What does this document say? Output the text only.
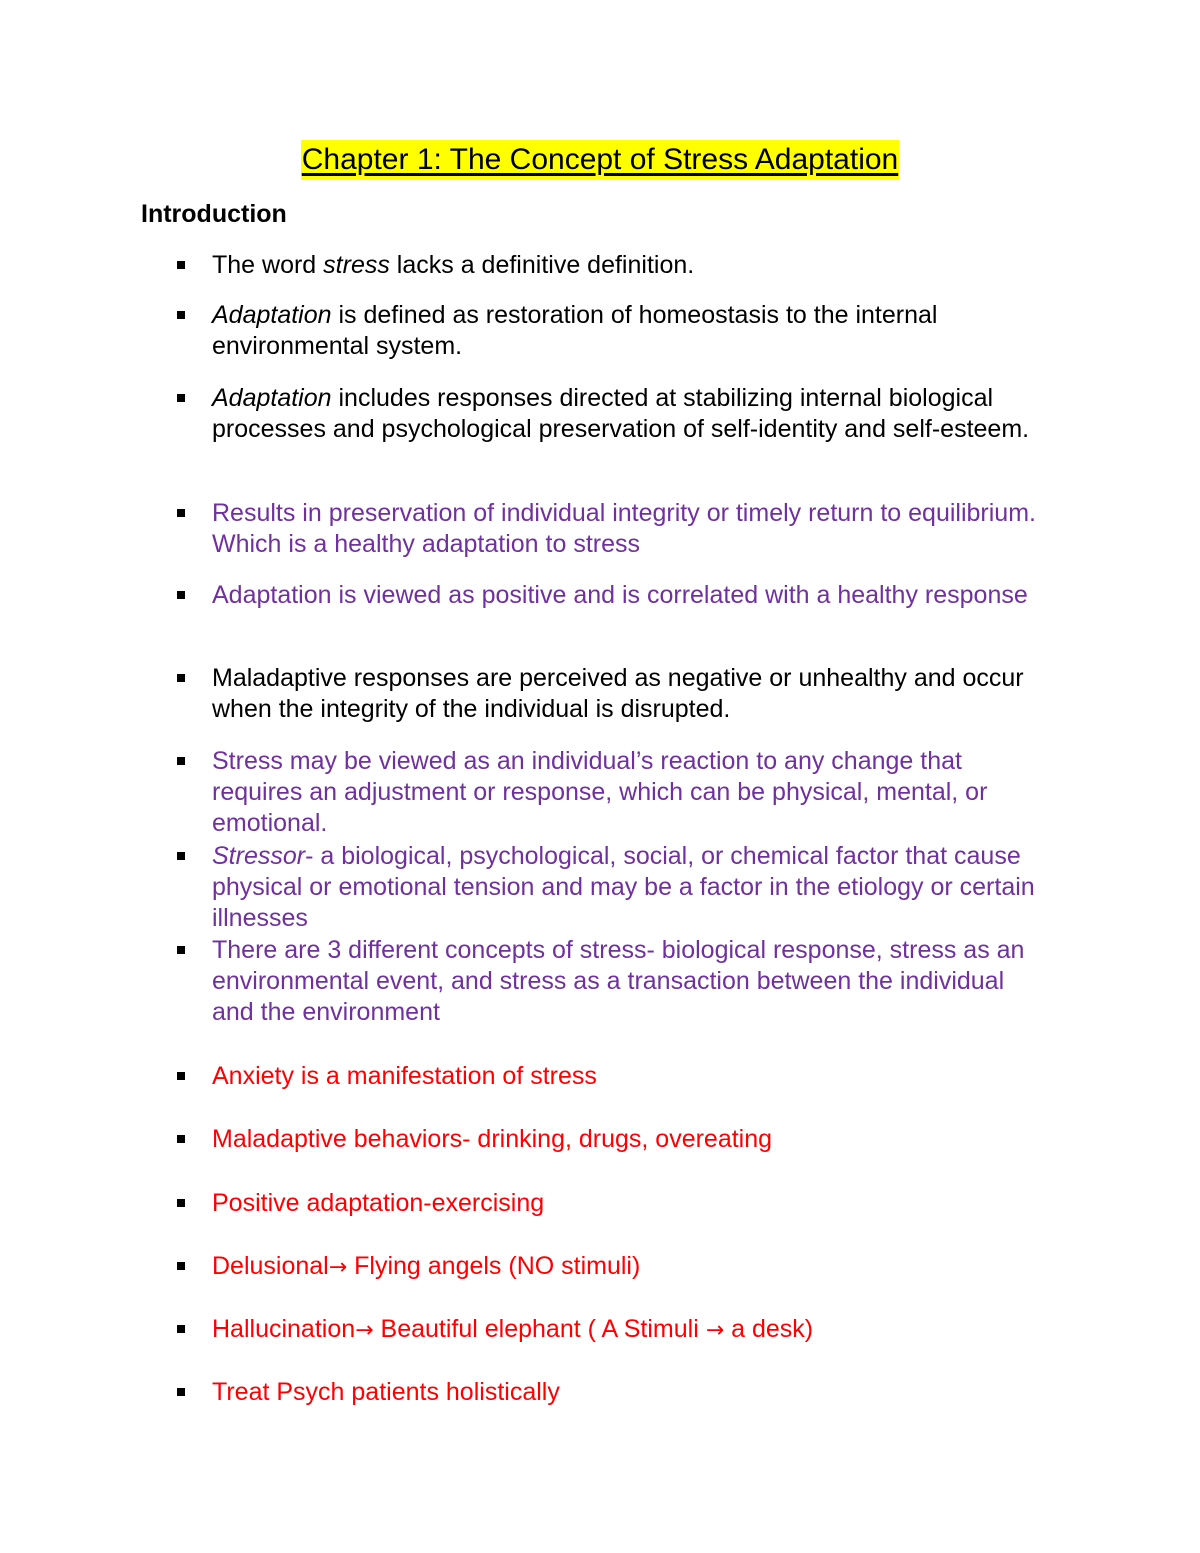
Chapter 1: The Concept of Stress Adaptation
Introduction
The word stress lacks a definitive definition.
Adaptation is defined as restoration of homeostasis to the internal environmental system.
Adaptation includes responses directed at stabilizing internal biological processes and psychological preservation of self-identity and self-esteem.
Results in preservation of individual integrity or timely return to equilibrium. Which is a healthy adaptation to stress
Adaptation is viewed as positive and is correlated with a healthy response
Maladaptive responses are perceived as negative or unhealthy and occur when the integrity of the individual is disrupted.
Stress may be viewed as an individual’s reaction to any change that requires an adjustment or response, which can be physical, mental, or emotional.
Stressor- a biological, psychological, social, or chemical factor that cause physical or emotional tension and may be a factor in the etiology or certain illnesses
There are 3 different concepts of stress- biological response, stress as an environmental event, and stress as a transaction between the individual and the environment
Anxiety is a manifestation of stress
Maladaptive behaviors- drinking, drugs, overeating
Positive adaptation-exercising
Delusional→ Flying angels (NO stimuli)
Hallucination→ Beautiful elephant ( A Stimuli → a desk)
Treat Psych patients holistically
